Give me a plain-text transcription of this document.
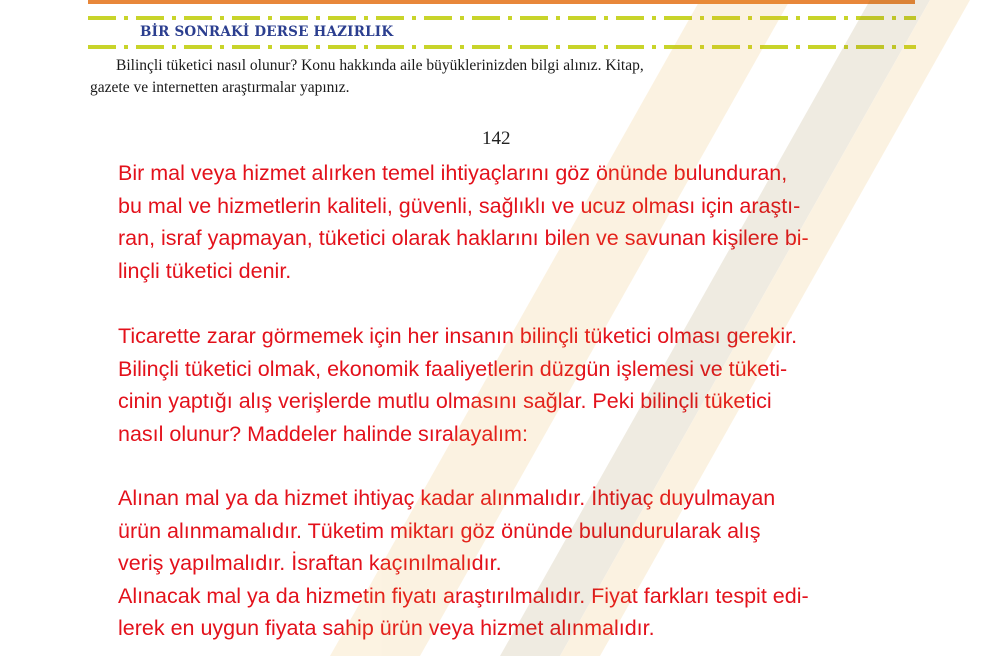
BİR SONRAKİ DERSE HAZIRLIK
Bilinçli tüketici nasıl olunur? Konu hakkında aile büyüklerinizden bilgi alınız. Kitap,
gazete ve internetten araştırmalar yapınız.
142
Bir mal veya hizmet alırken temel ihtiyaçlarını göz önünde bulunduran,
bu mal ve hizmetlerin kaliteli, güvenli, sağlıklı ve ucuz olması için araştı-
ran, israf yapmayan, tüketici olarak haklarını bilen ve savunan kişilere bi-
linçli tüketici denir.
Ticarette zarar görmemek için her insanın bilinçli tüketici olması gerekir.
Bilinçli tüketici olmak, ekonomik faaliyetlerin düzgün işlemesi ve tüketi-
cinin yaptığı alış verişlerde mutlu olmasını sağlar. Peki bilinçli tüketici
nasıl olunur? Maddeler halinde sıralayalım:
Alınan mal ya da hizmet ihtiyaç kadar alınmalıdır. İhtiyaç duyulmayan
ürün alınmamalıdır. Tüketim miktarı göz önünde bulundurularak alış
veriş yapılmalıdır. İsraftan kaçınılmalıdır.
Alınacak mal ya da hizmetin fiyatı araştırılmalıdır. Fiyat farkları tespit edi-
lerek en uygun fiyata sahip ürün veya hizmet alınmalıdır.
